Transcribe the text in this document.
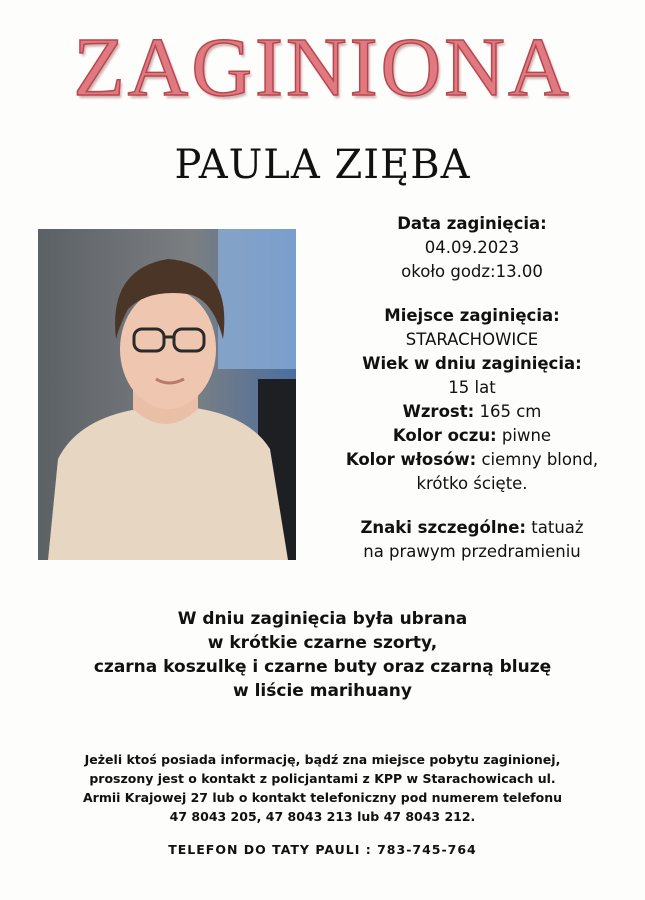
ZAGINIONA
PAULA ZIĘBA
Data zaginięcia:
04.09.2023
około godz:13.00
Miejsce zaginięcia:
STARACHOWICE
Wiek w dniu zaginięcia:
15 lat
Wzrost: 165 cm
Kolor oczu: piwne
Kolor włosów: ciemny blond,
krótko ścięte.
Znaki szczególne: tatuaż
na prawym przedramieniu
W dniu zaginięcia była ubrana
w krótkie czarne szorty,
czarna koszulkę i czarne buty oraz czarną bluzę
w liście marihuany
Jeżeli ktoś posiada informację, bądź zna miejsce pobytu zaginionej,
proszony jest o kontakt z policjantami z KPP w Starachowicach ul.
Armii Krajowej 27 lub o kontakt telefoniczny pod numerem telefonu
47 8043 205, 47 8043 213 lub 47 8043 212.
TELEFON DO TATY PAULI : 783-745-764
